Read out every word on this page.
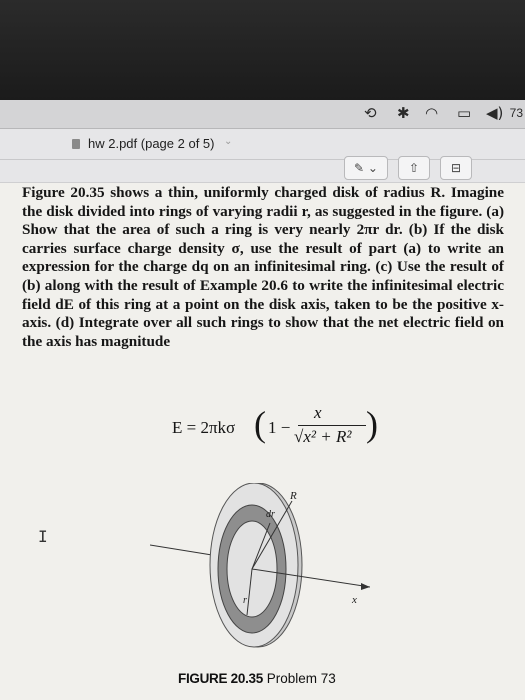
⟲ ✱ ◠ ▭ ◀) 73
hw 2.pdf (page 2 of 5) ⌄
✎ ⌄	⇧	⊟
Figure 20.35 shows a thin, uniformly charged disk of radius R. Imagine the disk divided into rings of varying radii r, as suggested in the figure. (a) Show that the area of such a ring is very nearly 2πr dr. (b) If the disk carries surface charge density σ, use the result of part (a) to write an expression for the charge dq on an infinitesimal ring. (c) Use the result of (b) along with the result of Example 20.6 to write the infinitesimal electric field dE of this ring at a point on the disk axis, taken to be the positive x-axis. (d) Integrate over all such rings to show that the net electric field on the axis has magnitude
E = 2πkσ ( 1 −
x
√x² + R² )
I
R
dr
r	x
FIGURE 20.35 Problem 73
